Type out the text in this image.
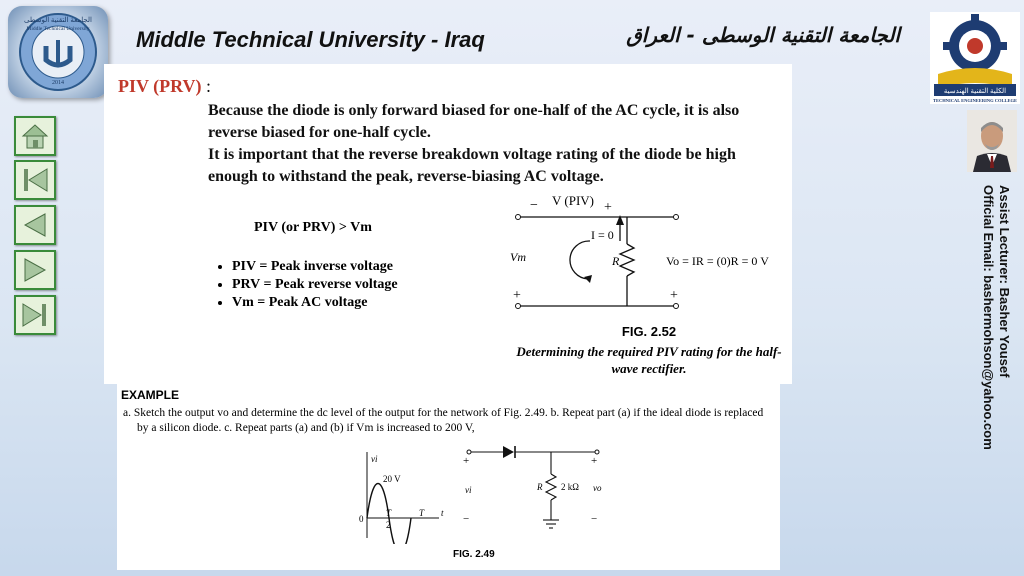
الجامعة التقنية الوسطى
Middle Technical University
2014
Middle Technical University - Iraq	الجامعة التقنية الوسطى - العراق
الكلية التقنية الهندسية
TECHNICAL ENGINEERING COLLEGE
Assist Lecturer: Basher Yousef
Official Email: bashermohson@yahoo.com
PIV (PRV) :
Because the diode is only forward biased for one-half of the AC cycle, it is also reverse biased for one-half cycle.
It is important that the reverse breakdown voltage rating of the diode be high enough to withstand the peak, reverse-biasing AC voltage.
PIV (or PRV) > Vm
• PIV = Peak inverse voltage
• PRV = Peak reverse voltage
• Vm = Peak AC voltage
V (PIV)
−	+
I = 0
Vm	R	Vo = IR = (0)R = 0 V
+	+
FIG. 2.52
Determining the required PIV rating for the half-wave rectifier.
EXAMPLE
a. Sketch the output vo and determine the dc level of the output for the network of Fig. 2.49. b. Repeat part (a) if the ideal diode is replaced
by a silicon diode. c. Repeat parts (a) and (b) if Vm is increased to 200 V,
vi
20 V
t
0
T
2
T
+	+
vi	R 2 kΩ vo
−	−
FIG. 2.49
